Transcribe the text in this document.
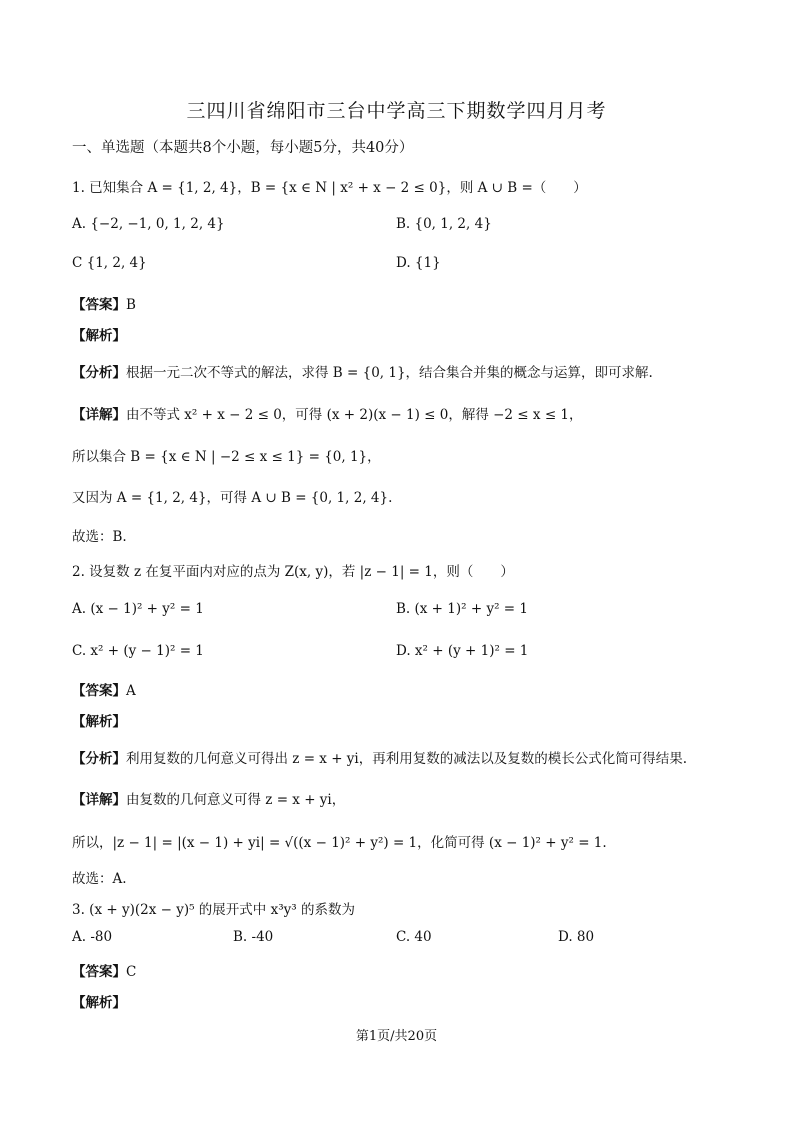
三四川省绵阳市三台中学高三下期数学四月月考
一、单选题（本题共8个小题，每小题5分，共40分）
1. 已知集合 A = {1, 2, 4}，B = {x ∈ N | x² + x − 2 ≤ 0}，则 A ∪ B =（　　）
A. {−2, −1, 0, 1, 2, 4}	B. {0, 1, 2, 4}
C {1, 2, 4}	D. {1}
【答案】B
【解析】
【分析】根据一元二次不等式的解法，求得 B = {0, 1}，结合集合并集的概念与运算，即可求解.
【详解】由不等式 x² + x − 2 ≤ 0，可得 (x + 2)(x − 1) ≤ 0，解得 −2 ≤ x ≤ 1，
所以集合 B = {x ∈ N | −2 ≤ x ≤ 1} = {0, 1}，
又因为 A = {1, 2, 4}，可得 A ∪ B = {0, 1, 2, 4}.
故选：B.
2. 设复数 z 在复平面内对应的点为 Z(x, y)，若 |z − 1| = 1，则（　　）
A. (x − 1)² + y² = 1	B. (x + 1)² + y² = 1
C. x² + (y − 1)² = 1	D. x² + (y + 1)² = 1
【答案】A
【解析】
【分析】利用复数的几何意义可得出 z = x + yi，再利用复数的减法以及复数的模长公式化简可得结果.
【详解】由复数的几何意义可得 z = x + yi，
所以，|z − 1| = |(x − 1) + yi| = √((x − 1)² + y²) = 1，化简可得 (x − 1)² + y² = 1.
故选：A.
3. (x + y)(2x − y)⁵ 的展开式中 x³y³ 的系数为
A. -80	B. -40	C. 40	D. 80
【答案】C
【解析】
第1页/共20页
